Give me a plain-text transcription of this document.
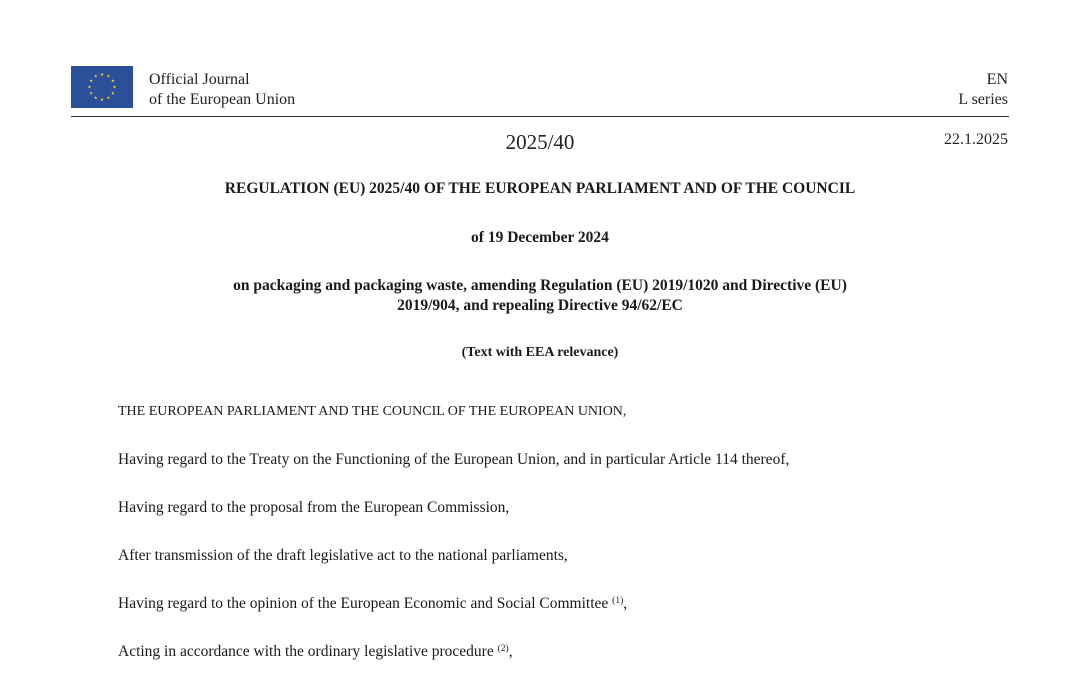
Official Journal
of the European Union
EN
L series
2025/40	22.1.2025
REGULATION (EU) 2025/40 OF THE EUROPEAN PARLIAMENT AND OF THE COUNCIL
of 19 December 2024
on packaging and packaging waste, amending Regulation (EU) 2019/1020 and Directive (EU)
2019/904, and repealing Directive 94/62/EC
(Text with EEA relevance)
THE EUROPEAN PARLIAMENT AND THE COUNCIL OF THE EUROPEAN UNION,
Having regard to the Treaty on the Functioning of the European Union, and in particular Article 114 thereof,
Having regard to the proposal from the European Commission,
After transmission of the draft legislative act to the national parliaments,
Having regard to the opinion of the European Economic and Social Committee $^{(1)}$,
Acting in accordance with the ordinary legislative procedure $^{(2)}$,
